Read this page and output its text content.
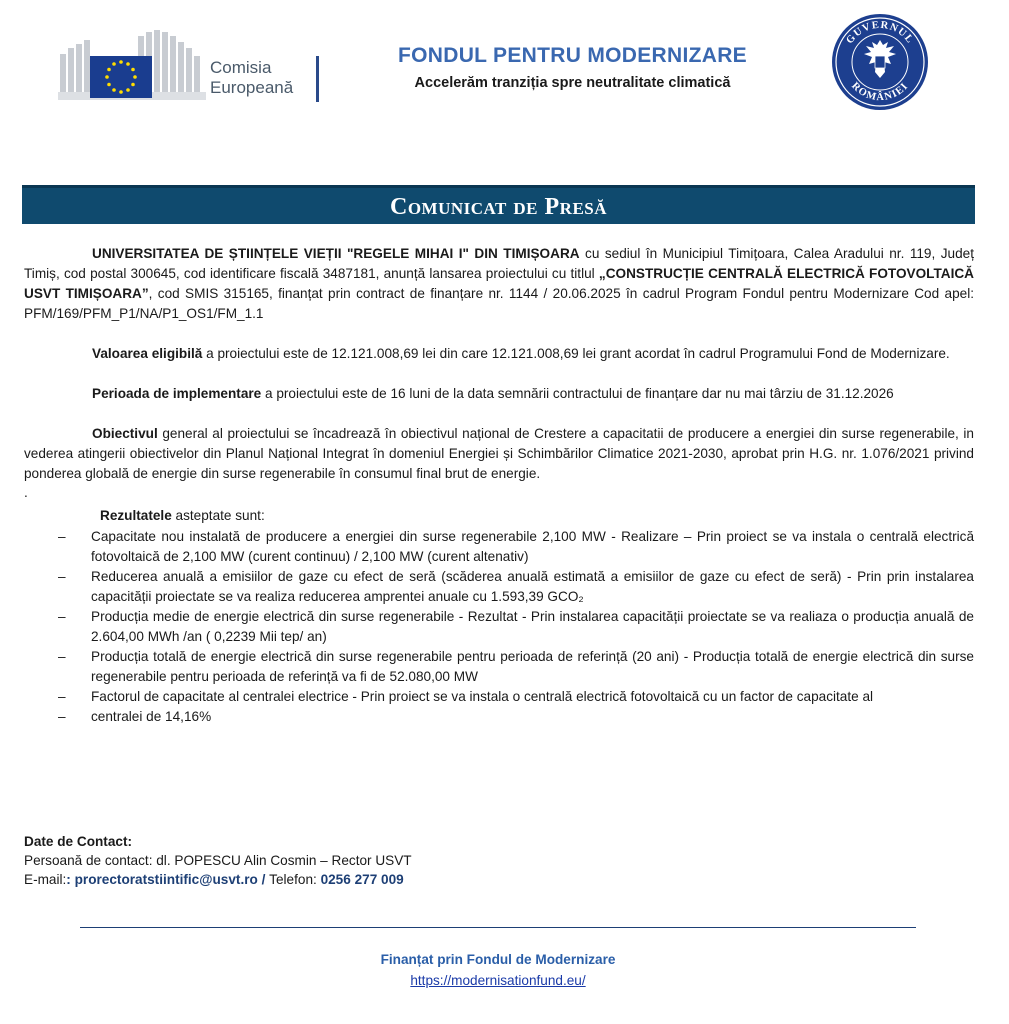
Comisia
Europeană
FONDUL PENTRU MODERNIZARE
Accelerăm tranziția spre neutralitate climatică
GUVERNUL
ROMÂNIEI
Comunicat de Presă

UNIVERSITATEA DE ȘTIINȚELE VIEȚII "REGELE MIHAI I" DIN TIMIȘOARA cu sediul în Municipiul Timițoara, Calea Aradului nr. 119, Județ Timiș, cod postal 300645, cod identificare fiscală 3487181, anunță lansarea proiectului cu titlul „CONSTRUCȚIE CENTRALĂ ELECTRICĂ FOTOVOLTAICĂ USVT TIMIȘOARA”, cod SMIS 315165, finanțat prin contract de finanțare nr. 1144 / 20.06.2025 în cadrul Program Fondul pentru Modernizare Cod apel: PFM/169/PFM_P1/NA/P1_OS1/FM_1.1

Valoarea eligibilă a proiectului este de 12.121.008,69 lei din care 12.121.008,69 lei grant acordat în cadrul Programului Fond de Modernizare.

Perioada de implementare a proiectului este de 16 luni de la data semnării contractului de finanțare dar nu mai târziu de 31.12.2026

Obiectivul general al proiectului se încadrează în obiectivul național de Crestere a capacitatii de producere a energiei din surse regenerabile, in vederea atingerii obiectivelor din Planul Național Integrat în domeniul Energiei și Schimbărilor Climatice 2021-2030, aprobat prin H.G. nr. 1.076/2021 privind ponderea globală de energie din surse regenerabile în consumul final brut de energie.

.
Rezultatele asteptate sunt:
– Capacitate nou instalată de producere a energiei din surse regenerabile 2,100 MW - Realizare – Prin proiect se va instala o centrală electrică fotovoltaică de 2,100 MW (curent continuu) / 2,100 MW (curent altenativ)
– Reducerea anuală a emisiilor de gaze cu efect de seră (scăderea anuală estimată a emisiilor de gaze cu efect de seră) - Prin prin instalarea capacității proiectate se va realiza reducerea amprentei anuale cu 1.593,39 GCO₂
– Producția medie de energie electrică din surse regenerabile - Rezultat - Prin instalarea capacității proiectate se va realiaza o producția anuală de 2.604,00 MWh /an ( 0,2239 Mii tep/ an)
– Producția totală de energie electrică din surse regenerabile pentru perioada de referință (20 ani) - Producția totală de energie electrică din surse regenerabile pentru perioada de referință va fi de 52.080,00 MW
– Factorul de capacitate al centralei electrice - Prin proiect se va instala o centrală electrică fotovoltaică cu un factor de capacitate al
– centralei de 14,16%
Date de Contact:
Persoană de contact: dl. POPESCU Alin Cosmin – Rector USVT
E-mail:: prorectoratstiintific@usvt.ro / Telefon: 0256 277 009
Finanțat prin Fondul de Modernizare
https://modernisationfund.eu/
